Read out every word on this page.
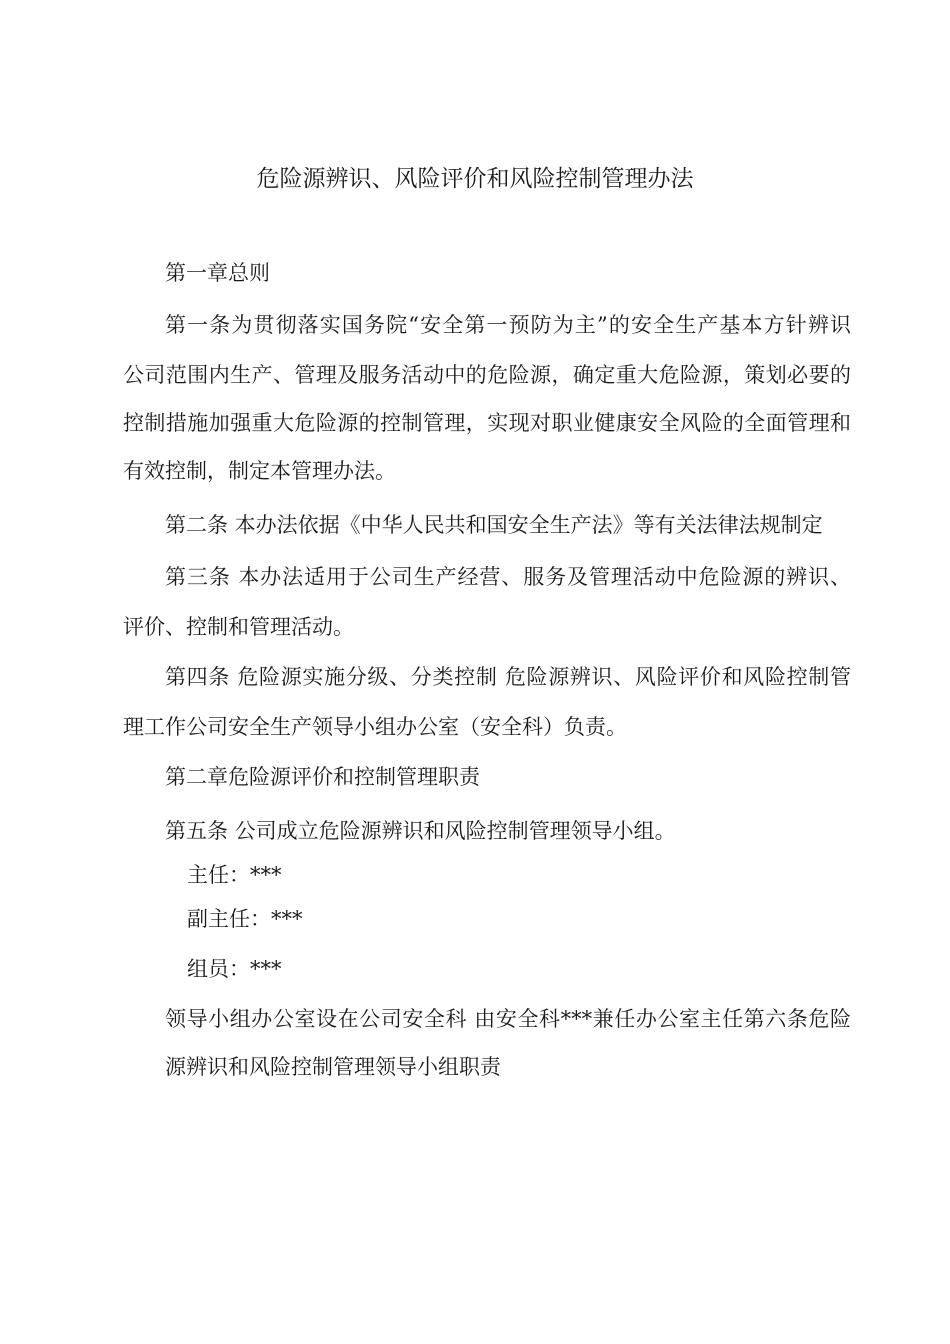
危险源辨识、风险评价和风险控制管理办法
第一章总则
第一条为贯彻落实国务院“安全第一预防为主”的安全生产基本方针辨识
公司范围内生产、管理及服务活动中的危险源，确定重大危险源，策划必要的
控制措施加强重大危险源的控制管理，实现对职业健康安全风险的全面管理和
有效控制，制定本管理办法。
第二条 本办法依据《中华人民共和国安全生产法》等有关法律法规制定
第三条 本办法适用于公司生产经营、服务及管理活动中危险源的辨识、
评价、控制和管理活动。
第四条 危险源实施分级、分类控制 危险源辨识、风险评价和风险控制管
理工作公司安全生产领导小组办公室（安全科）负责。
第二章危险源评价和控制管理职责
第五条 公司成立危险源辨识和风险控制管理领导小组。
主任：***
副主任：***
组员：***
领导小组办公室设在公司安全科 由安全科***兼任办公室主任第六条危险
源辨识和风险控制管理领导小组职责
